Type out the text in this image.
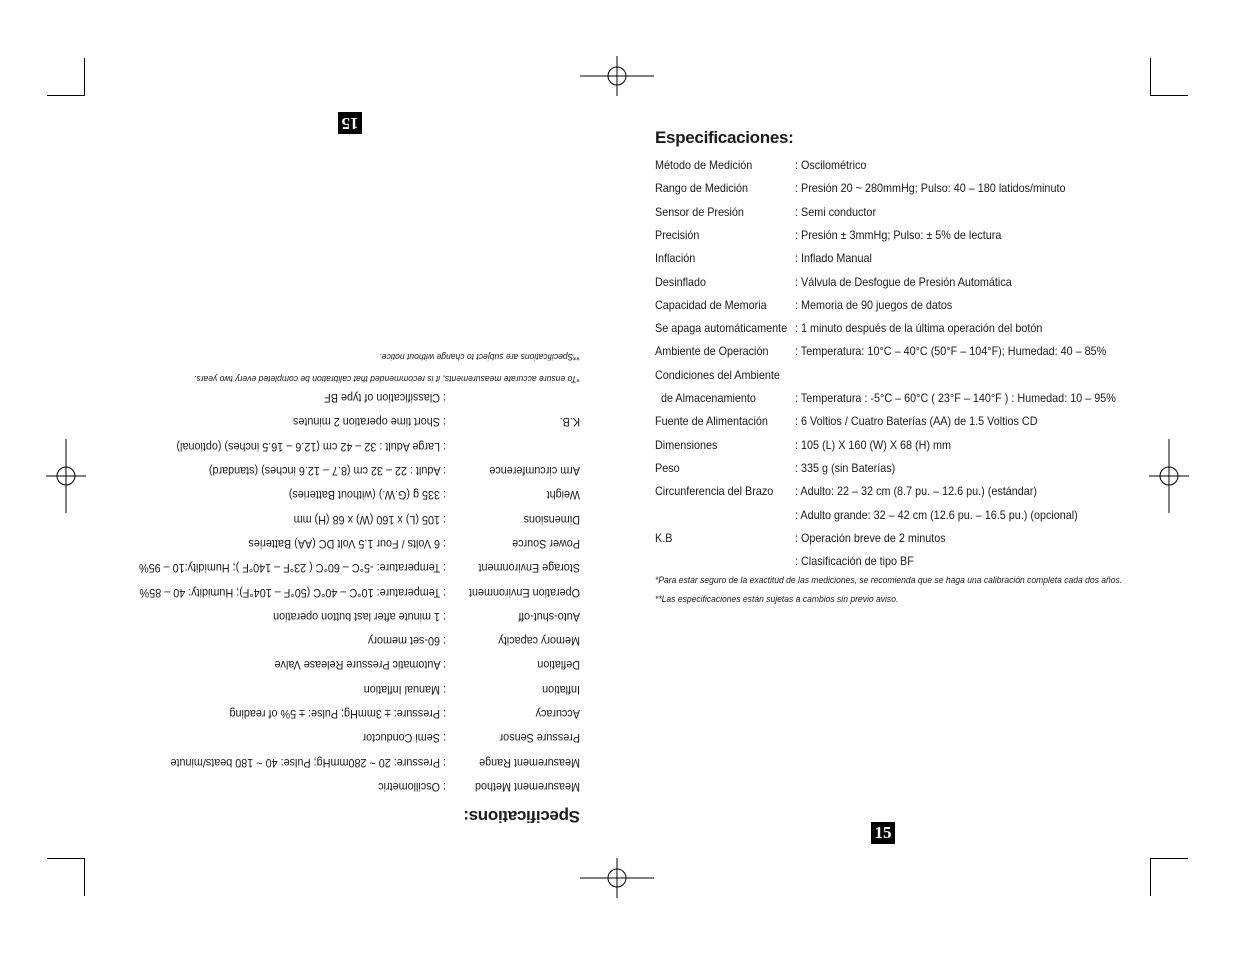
15
15
Especificaciones:
Método de Medición	: Oscilométrico
Rango de Medición	: Presión 20 ~ 280mmHg; Pulso: 40 – 180 latidos/minuto
Sensor de Presión	: Semi conductor
Precisión	: Presión ± 3mmHg; Pulso: ± 5% de lectura
Inflación	: Inflado Manual
Desinflado	: Válvula de Desfogue de Presión Automática
Capacidad de Memoria : Memoria de 90 juegos de datos
Se apaga automáticamente : 1 minuto después de la última operación del botón
Ambiente de Operación : Temperatura: 10°C – 40°C (50°F – 104°F); Humedad: 40 – 85%
Condiciones del Ambiente
de Almacenamiento	: Temperatura : -5°C – 60°C ( 23°F – 140°F ) : Humedad: 10 – 95%
Fuente de Alimentación : 6 Voltios / Cuatro Baterías (AA) de 1.5 Voltios CD
Dimensiones	: 105 (L) X 160 (W) X 68 (H) mm
Peso	: 335 g (sin Baterías)
Circunferencia del Brazo : Adulto: 22 – 32 cm (8.7 pu. – 12.6 pu.) (estándar)
: Adulto grande: 32 – 42 cm (12.6 pu. – 16.5 pu.) (opcional)
K.B	: Operación breve de 2 minutos
: Clasificación de tipo BF
*Para estar seguro de la exactitud de las mediciones, se recomienda que se haga una calibración completa cada dos años.
**Las especificaciones están sujetas a cambios sin previo aviso.
Specifications:
Measurement Method
: Oscillometric
Measurement Range
: Pressure: 20 ~ 280mmHg; Pulse: 40 ~ 180 beats/minute
Pressure Sensor
: Semi Conductor
Accuracy
: Pressure: ± 3mmHg; Pulse: ± 5% of reading
Inflation
: Manual Inflation
Deflation
: Automatic Pressure Release Valve
Memory capacity
: 60-set memory
Auto-shut-off
: 1 minute after last button operation
Operation Environment
: Temperature: 10°C – 40°C (50°F – 104°F); Humidity: 40 – 85%
Storage Environment
: Temperature: -5°C – 60°C ( 23°F – 140°F ); Humidity:10 – 95%
Power Source
: 6 Volts / Four 1.5 Volt DC (AA) Batteries
Dimensions
: 105 (L) x 160 (W) x 68 (H) mm
Weight
: 335 g (G.W.) (without Batteries)
Arm circumference
: Adult : 22 – 32 cm (8.7 – 12.6 inches) (standard)
: Large Adult : 32 – 42 cm (12.6 – 16.5 inches) (optional)
K.B.
: Short time operation 2 minutes
: Classification of type BF
*To ensure accurate measurements, it is recommended that calibration be completed every two years.
**Specifications are subject to change without notice.
